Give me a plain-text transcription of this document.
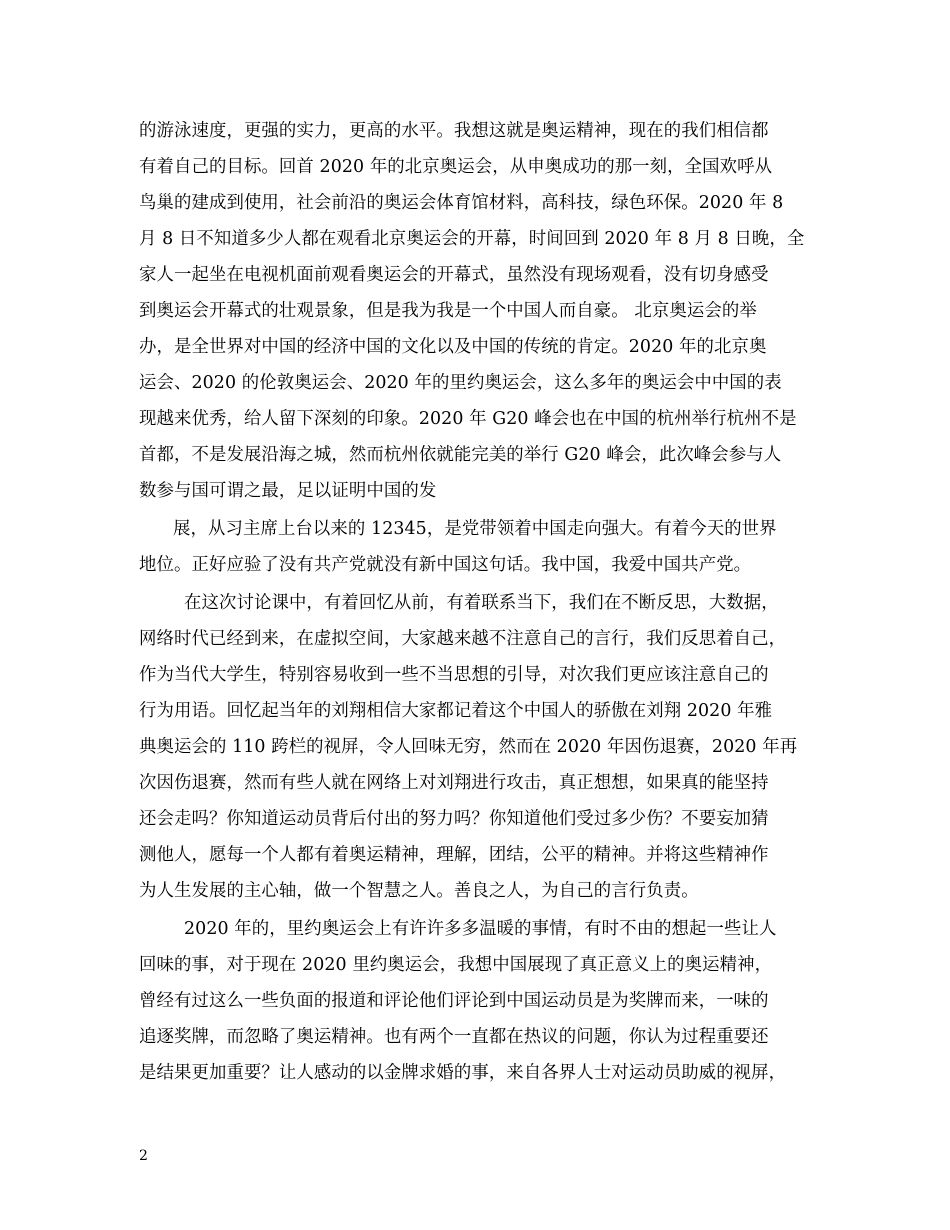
的游泳速度，更强的实力，更高的水平。我想这就是奥运精神，现在的我们相信都
有着自己的目标。回首 2020 年的北京奥运会，从申奥成功的那一刻，全国欢呼从
鸟巢的建成到使用，社会前沿的奥运会体育馆材料，高科技，绿色环保。2020 年 8
月 8 日不知道多少人都在观看北京奥运会的开幕，时间回到 2020 年 8 月 8 日晚，全
家人一起坐在电视机面前观看奥运会的开幕式，虽然没有现场观看，没有切身感受
到奥运会开幕式的壮观景象，但是我为我是一个中国人而自豪。 北京奥运会的举
办，是全世界对中国的经济中国的文化以及中国的传统的肯定。2020 年的北京奥
运会、2020 的伦敦奥运会、2020 年的里约奥运会，这么多年的奥运会中中国的表
现越来优秀，给人留下深刻的印象。2020 年 G20 峰会也在中国的杭州举行杭州不是
首都，不是发展沿海之城，然而杭州依就能完美的举行 G20 峰会，此次峰会参与人
数参与国可谓之最，足以证明中国的发
展，从习主席上台以来的 12345，是党带领着中国走向强大。有着今天的世界
地位。正好应验了没有共产党就没有新中国这句话。我中国，我爱中国共产党。
在这次讨论课中，有着回忆从前，有着联系当下，我们在不断反思，大数据，
网络时代已经到来，在虚拟空间，大家越来越不注意自己的言行，我们反思着自己，
作为当代大学生，特别容易收到一些不当思想的引导，对次我们更应该注意自己的
行为用语。回忆起当年的刘翔相信大家都记着这个中国人的骄傲在刘翔 2020 年雅
典奥运会的 110 跨栏的视屏，令人回味无穷，然而在 2020 年因伤退赛，2020 年再
次因伤退赛，然而有些人就在网络上对刘翔进行攻击，真正想想，如果真的能坚持
还会走吗？你知道运动员背后付出的努力吗？你知道他们受过多少伤？不要妄加猜
测他人，愿每一个人都有着奥运精神，理解，团结，公平的精神。并将这些精神作
为人生发展的主心轴，做一个智慧之人。善良之人，为自己的言行负责。
2020 年的，里约奥运会上有许许多多温暖的事情，有时不由的想起一些让人
回味的事，对于现在 2020 里约奥运会，我想中国展现了真正意义上的奥运精神，
曾经有过这么一些负面的报道和评论他们评论到中国运动员是为奖牌而来，一味的
追逐奖牌，而忽略了奥运精神。也有两个一直都在热议的问题，你认为过程重要还
是结果更加重要？让人感动的以金牌求婚的事，来自各界人士对运动员助威的视屏，
2
